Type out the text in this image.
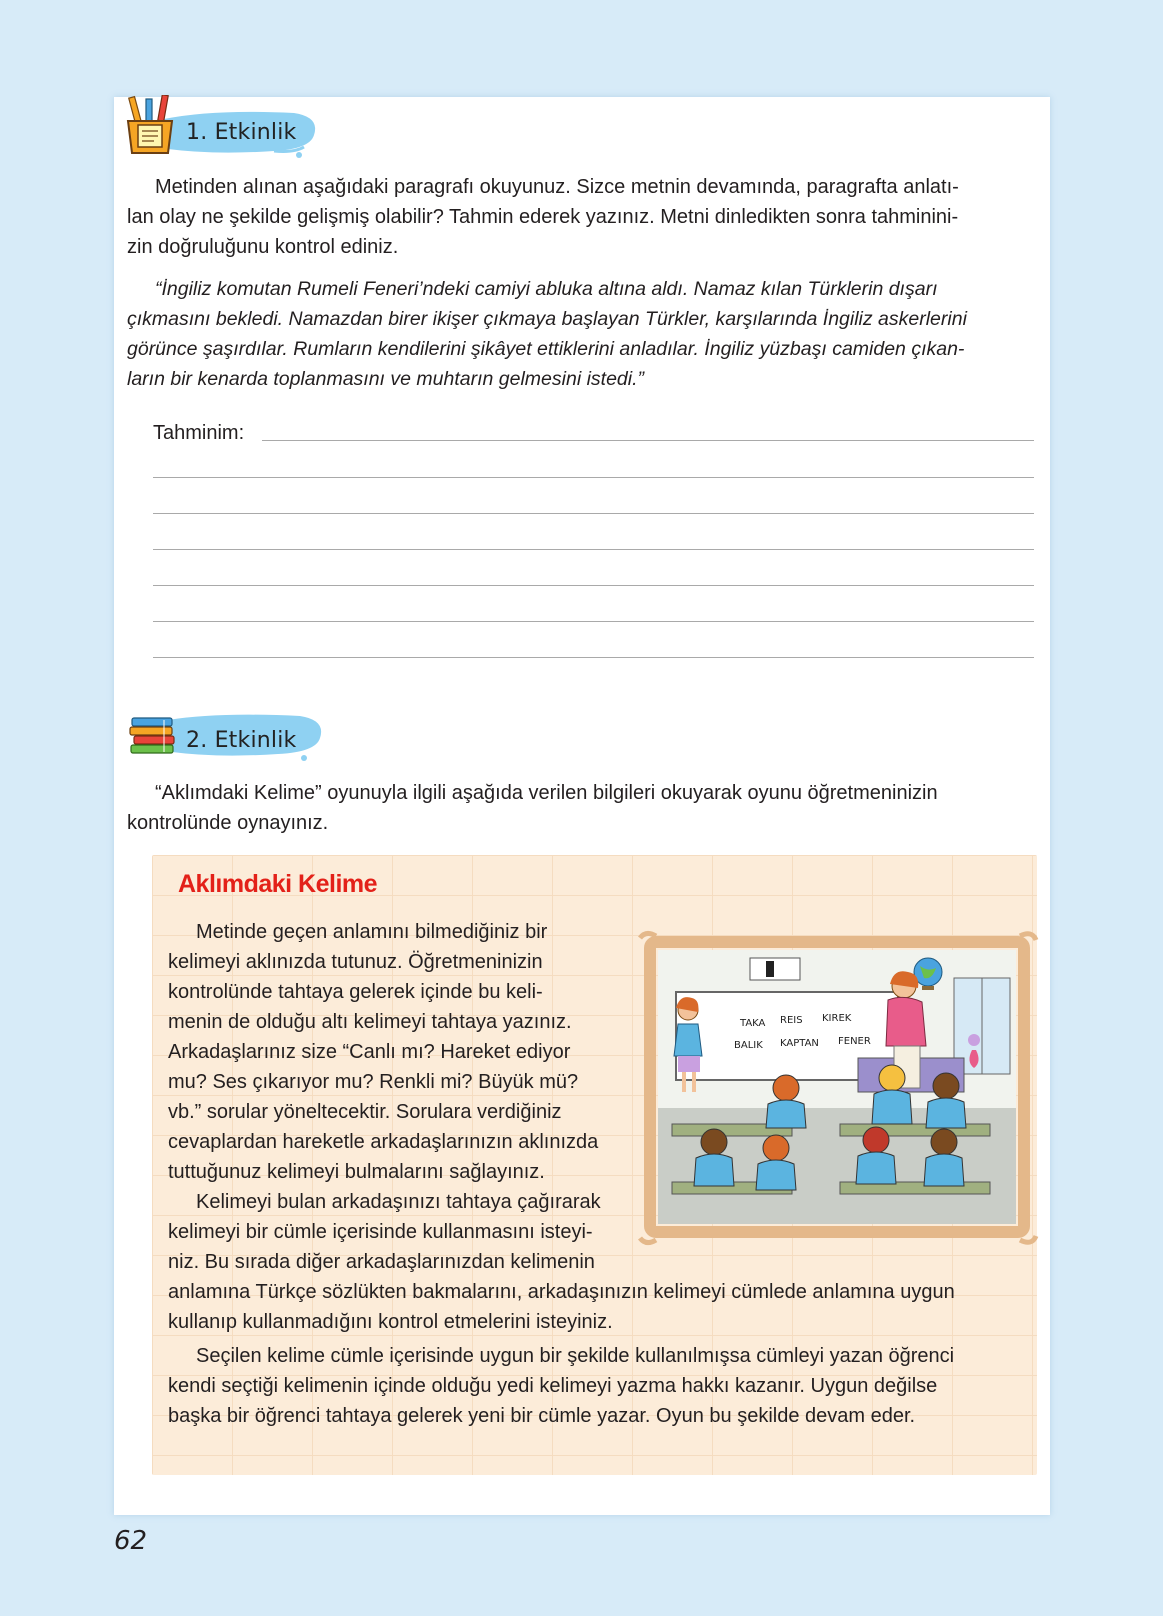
1. Etkinlik
Metinden alınan aşağıdaki paragrafı okuyunuz. Sizce metnin devamında, paragrafta anlatı-
lan olay ne şekilde gelişmiş olabilir? Tahmin ederek yazınız. Metni dinledikten sonra tahminini-
zin doğruluğunu kontrol ediniz.
“İngiliz komutan Rumeli Feneri’ndeki camiyi abluka altına aldı. Namaz kılan Türklerin dışarı
çıkmasını bekledi. Namazdan birer ikişer çıkmaya başlayan Türkler, karşılarında İngiliz askerlerini
görünce şaşırdılar. Rumların kendilerini şikâyet ettiklerini anladılar. İngiliz yüzbaşı camiden çıkan-
ların bir kenarda toplanmasını ve muhtarın gelmesini istedi.”
Tahminim:
2. Etkinlik
“Aklımdaki Kelime” oyunuyla ilgili aşağıda verilen bilgileri okuyarak oyunu öğretmeninizin
kontrolünde oynayınız.
Aklımdaki Kelime
Metinde geçen anlamını bilmediğiniz bir
kelimeyi aklınızda tutunuz. Öğretmeninizin
kontrolünde tahtaya gelerek içinde bu keli-
menin de olduğu altı kelimeyi tahtaya yazınız.
Arkadaşlarınız size “Canlı mı? Hareket ediyor
mu? Ses çıkarıyor mu? Renkli mi? Büyük mü?
vb.” sorular yöneltecektir. Sorulara verdiğiniz
cevaplardan hareketle arkadaşlarınızın aklınızda
tuttuğunuz kelimeyi bulmalarını sağlayınız.
Kelimeyi bulan arkadaşınızı tahtaya çağırarak
kelimeyi bir cümle içerisinde kullanmasını isteyi-
niz. Bu sırada diğer arkadaşlarınızdan kelimenin
anlamına Türkçe sözlükten bakmalarını, arkadaşınızın kelimeyi cümlede anlamına uygun
kullanıp kullanmadığını kontrol etmelerini isteyiniz.
Seçilen kelime cümle içerisinde uygun bir şekilde kullanılmışsa cümleyi yazan öğrenci
kendi seçtiği kelimenin içinde olduğu yedi kelimeyi yazma hakkı kazanır. Uygun değilse
başka bir öğrenci tahtaya gelerek yeni bir cümle yazar. Oyun bu şekilde devam eder.
TAKA REIS KIREK
BALIK KAPTAN FENER
62
